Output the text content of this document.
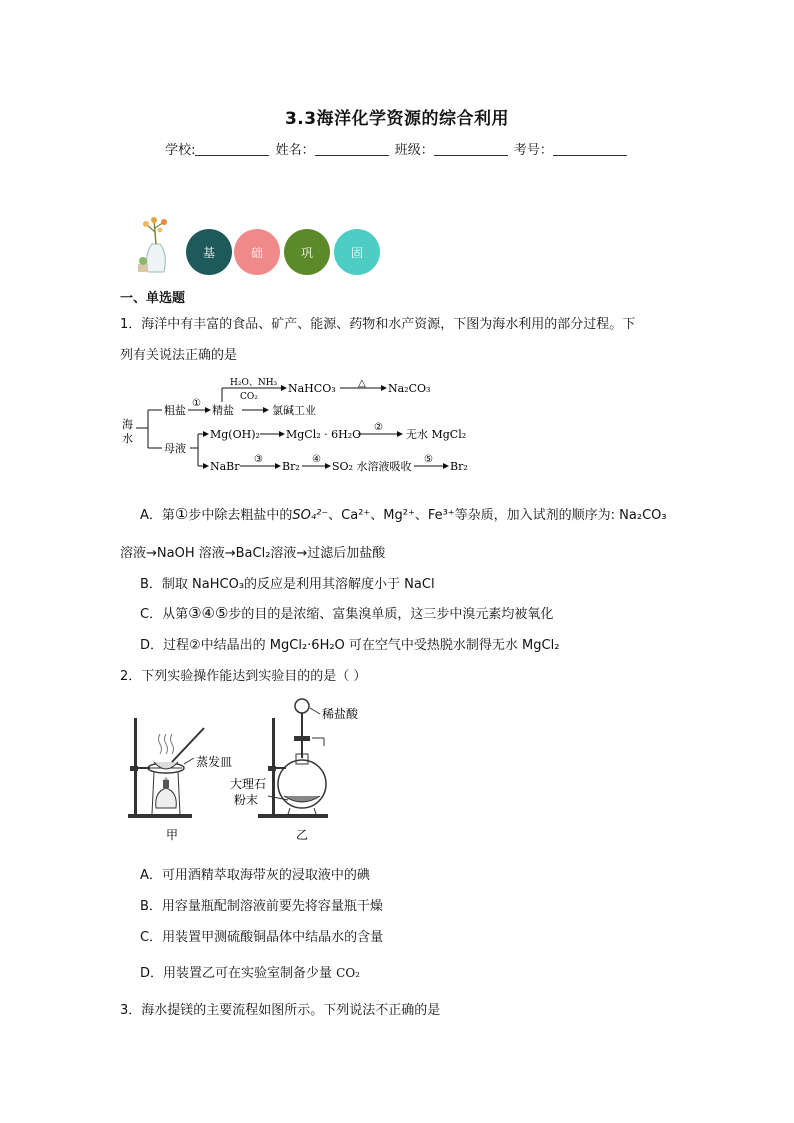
3.3海洋化学资源的综合利用
学校:	姓名：	班级：	考号：
基	础	巩	固
一、单选题
1．海洋中有丰富的食品、矿产、能源、药物和水产资源，下图为海水利用的部分过程。下
列有关说法正确的是
海
水
粗盐
①
精盐
H₂O、NH₃
CO₂
NaHCO₃ △ Na₂CO₃
氯碱工业
母液
Mg(OH)₂ MgCl₂ · 6H₂O
②
无水 MgCl₂
NaBr
③
Br₂
④
SO₂ 水溶液吸收
⑤
Br₂
A．第①步中除去粗盐中的SO₄²⁻、Ca²⁺、Mg²⁺、Fe³⁺等杂质，加入试剂的顺序为: Na₂CO₃
溶液→NaOH 溶液→BaCl₂溶液→过滤后加盐酸
B．制取 NaHCO₃的反应是利用其溶解度小于 NaCl
C．从第③④⑤步的目的是浓缩、富集溴单质，这三步中溴元素均被氧化
D．过程②中结晶出的 MgCl₂·6H₂O 可在空气中受热脱水制得无水 MgCl₂
2．下列实验操作能达到实验目的的是（ ）
蒸发皿
甲
稀盐酸
大理石
粉末
乙
A．可用酒精萃取海带灰的浸取液中的碘
B．用容量瓶配制溶液前要先将容量瓶干燥
C．用装置甲测硫酸铜晶体中结晶水的含量
D．用装置乙可在实验室制备少量 CO₂
3．海水提镁的主要流程如图所示。下列说法不正确的是
